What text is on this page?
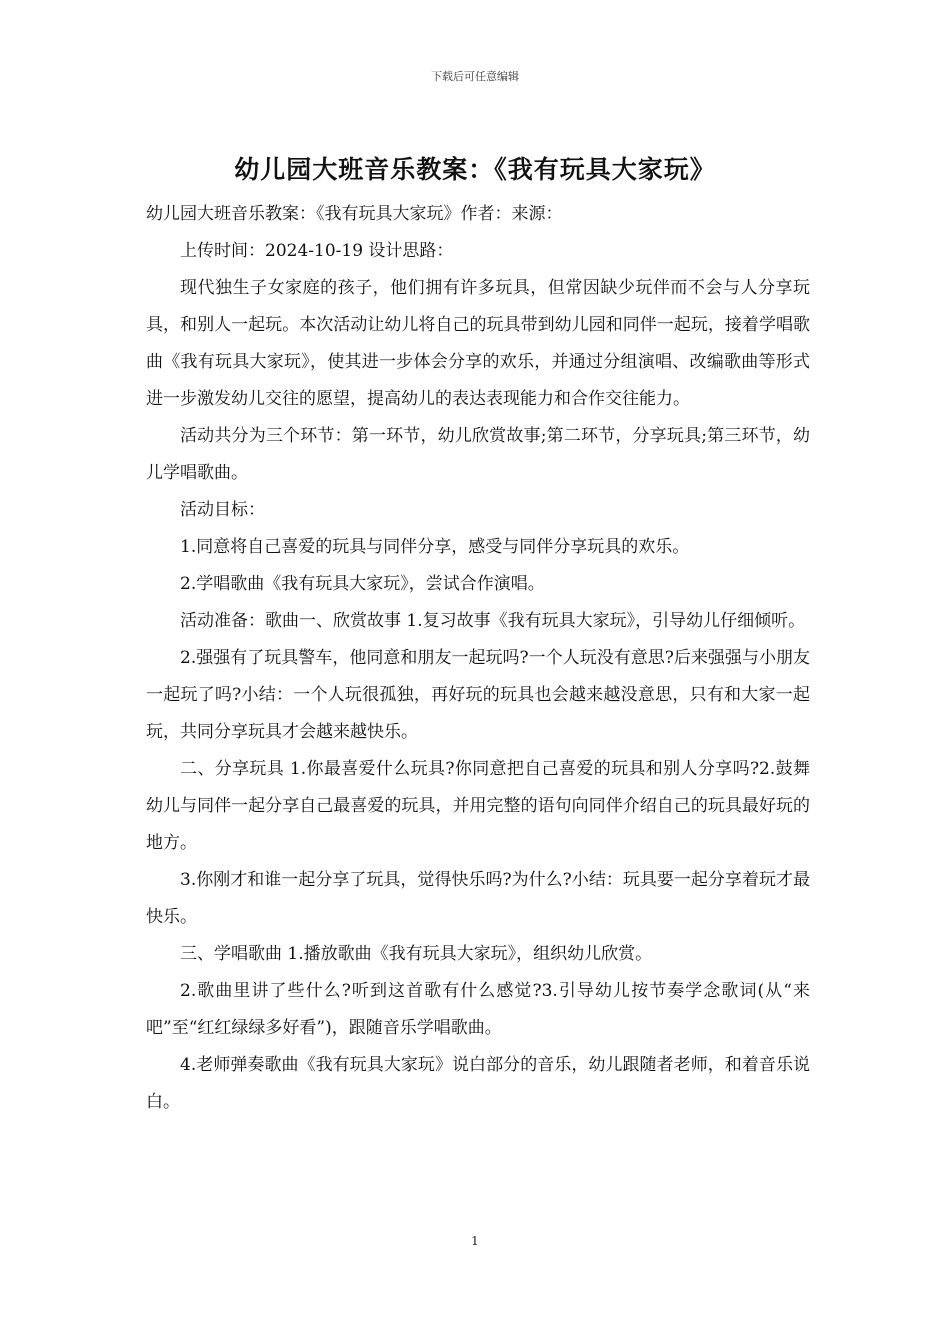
下载后可任意编辑
幼儿园大班音乐教案：《我有玩具大家玩》

幼儿园大班音乐教案：《我有玩具大家玩》作者：来源：

上传时间：2024-10-19 设计思路：

现代独生子女家庭的孩子，他们拥有许多玩具，但常因缺少玩伴而不会与人分享玩具，和别人一起玩。本次活动让幼儿将自己的玩具带到幼儿园和同伴一起玩，接着学唱歌曲《我有玩具大家玩》，使其进一步体会分享的欢乐，并通过分组演唱、改编歌曲等形式进一步激发幼儿交往的愿望，提高幼儿的表达表现能力和合作交往能力。

活动共分为三个环节：第一环节，幼儿欣赏故事;第二环节，分享玩具;第三环节，幼儿学唱歌曲。

活动目标：

1.同意将自己喜爱的玩具与同伴分享，感受与同伴分享玩具的欢乐。

2.学唱歌曲《我有玩具大家玩》，尝试合作演唱。

活动准备：歌曲一、欣赏故事 1.复习故事《我有玩具大家玩》，引导幼儿仔细倾听。

2.强强有了玩具警车，他同意和朋友一起玩吗?一个人玩没有意思?后来强强与小朋友一起玩了吗?小结：一个人玩很孤独，再好玩的玩具也会越来越没意思，只有和大家一起玩，共同分享玩具才会越来越快乐。

二、分享玩具 1.你最喜爱什么玩具?你同意把自己喜爱的玩具和别人分享吗?2.鼓舞幼儿与同伴一起分享自己最喜爱的玩具，并用完整的语句向同伴介绍自己的玩具最好玩的地方。

3.你刚才和谁一起分享了玩具，觉得快乐吗?为什么?小结：玩具要一起分享着玩才最快乐。

三、学唱歌曲 1.播放歌曲《我有玩具大家玩》，组织幼儿欣赏。

2.歌曲里讲了些什么?听到这首歌有什么感觉?3.引导幼儿按节奏学念歌词(从“来吧”至“红红绿绿多好看”)，跟随音乐学唱歌曲。

4.老师弹奏歌曲《我有玩具大家玩》说白部分的音乐，幼儿跟随者老师，和着音乐说白。

1
